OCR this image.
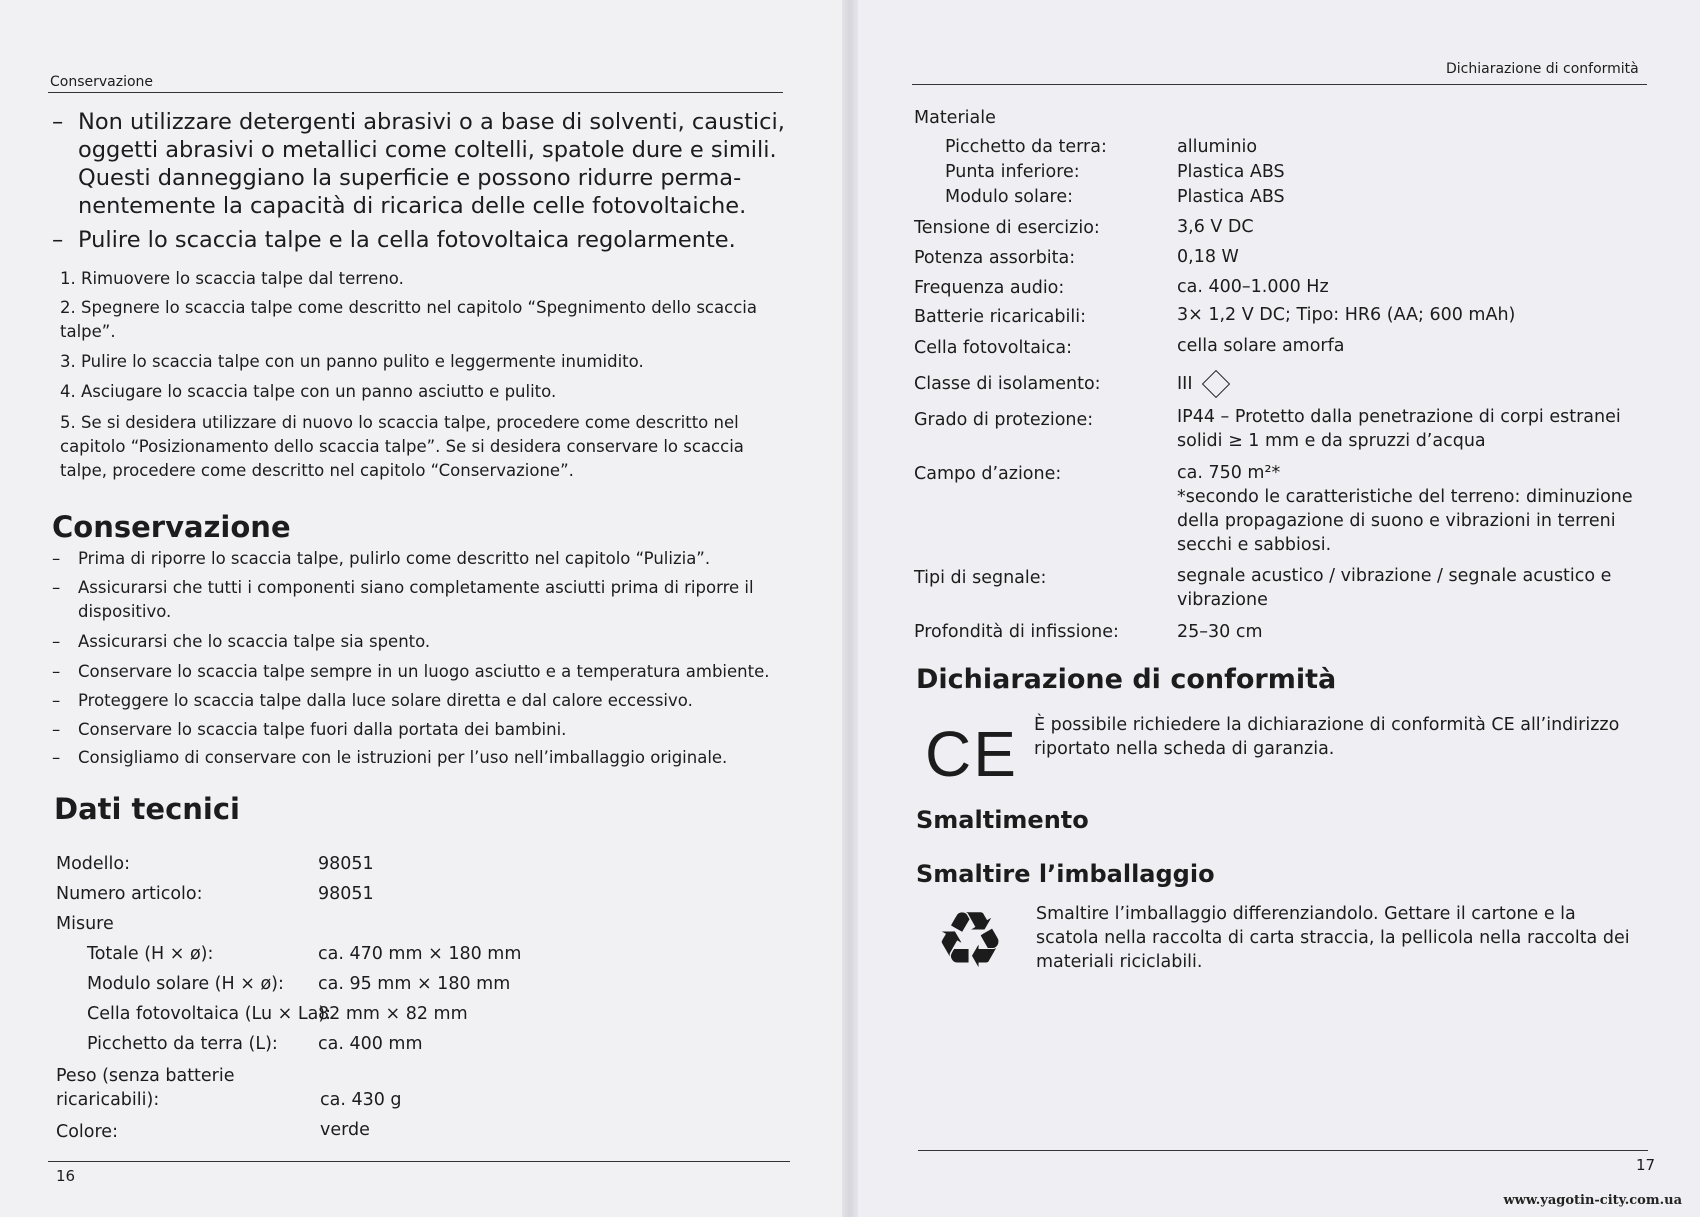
Conservazione
– Non utilizzare detergenti abrasivi o a base di solventi, caustici, oggetti abrasivi o metallici come coltelli, spatole dure e simili. Questi danneggiano la superficie e possono ridurre perma-nentemente la capacità di ricarica delle celle fotovoltaiche.
– Pulire lo scaccia talpe e la cella fotovoltaica regolarmente.
1. Rimuovere lo scaccia talpe dal terreno.
2. Spegnere lo scaccia talpe come descritto nel capitolo “Spegnimento dello scaccia talpe”.
3. Pulire lo scaccia talpe con un panno pulito e leggermente inumidito.
4. Asciugare lo scaccia talpe con un panno asciutto e pulito.
5. Se si desidera utilizzare di nuovo lo scaccia talpe, procedere come descritto nel capitolo “Posizionamento dello scaccia talpe”. Se si desidera conservare lo scaccia talpe, procedere come descritto nel capitolo “Conservazione”.
Conservazione
– Prima di riporre lo scaccia talpe, pulirlo come descritto nel capitolo “Pulizia”.
– Assicurarsi che tutti i componenti siano completamente asciutti prima di riporre il dispositivo.
– Assicurarsi che lo scaccia talpe sia spento.
– Conservare lo scaccia talpe sempre in un luogo asciutto e a temperatura ambiente.
– Proteggere lo scaccia talpe dalla luce solare diretta e dal calore eccessivo.
– Conservare lo scaccia talpe fuori dalla portata dei bambini.
– Consigliamo di conservare con le istruzioni per l’uso nell’imballaggio originale.
Dati tecnici
Modello:	98051
Numero articolo:	98051
Misure
Totale (H × ø):	ca. 470 mm × 180 mm
Modulo solare (H × ø): ca. 95 mm × 180 mm
Cella fotovoltaica (Lu × La):
82 mm × 82 mm
Picchetto da terra (L): ca. 400 mm
Peso (senza batterie ricaricabili):	ca. 430 g
Colore:	verde
16
Dichiarazione di conformità
Materiale
Picchetto da terra:	alluminio
Punta inferiore:	Plastica ABS
Modulo solare:	Plastica ABS
Tensione di esercizio:	3,6 V DC
Potenza assorbita:	0,18 W
Frequenza audio:	ca. 400–1.000 Hz
Batterie ricaricabili:	3× 1,2 V DC; Tipo: HR6 (AA; 600 mAh)
Cella fotovoltaica:	cella solare amorfa
Classe di isolamento:	III
Grado di protezione:	IP44 – Protetto dalla penetrazione di corpi estranei solidi ≥ 1 mm e da spruzzi d’acqua
Campo d’azione:	ca. 750 m²*
*secondo le caratteristiche del terreno: diminuzione della propagazione di suono e vibrazioni in terreni secchi e sabbiosi.
Tipi di segnale:	segnale acustico / vibrazione / segnale acustico e vibrazione
Profondità di infissione:	25–30 cm
Dichiarazione di conformità
CE È possibile richiedere la dichiarazione di conformità CE all’indirizzo riportato nella scheda di garanzia.
Smaltimento
Smaltire l’imballaggio
♻ Smaltire l’imballaggio differenziandolo. Gettare il cartone e la scatola nella raccolta di carta straccia, la pellicola nella raccolta dei materiali riciclabili.
17
www.yagotin-city.com.ua
